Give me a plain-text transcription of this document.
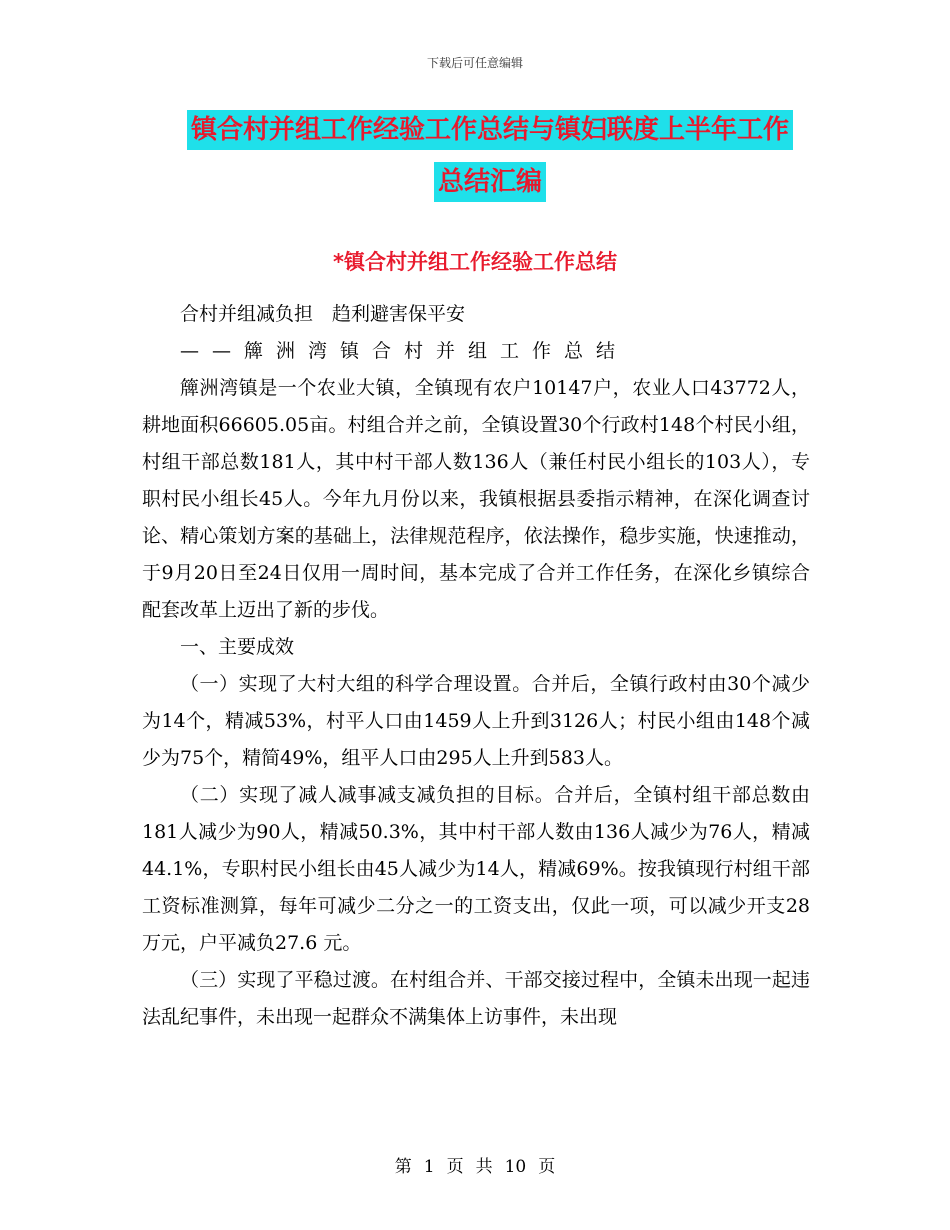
下载后可任意编辑
镇合村并组工作经验工作总结与镇妇联度上半年工作
总结汇编
*镇合村并组工作经验工作总结

合村并组减负担　趋利避害保平安

——簰洲湾镇合村并组工作总结

簰洲湾镇是一个农业大镇，全镇现有农户10147户，农业人口43772人，耕地面积66605.05亩。村组合并之前，全镇设置30个行政村148个村民小组，村组干部总数181人，其中村干部人数136人（兼任村民小组长的103人），专职村民小组长45人。今年九月份以来，我镇根据县委指示精神，在深化调查讨论、精心策划方案的基础上，法律规范程序，依法操作，稳步实施，快速推动，于9月20日至24日仅用一周时间，基本完成了合并工作任务，在深化乡镇综合配套改革上迈出了新的步伐。

一、主要成效

（一）实现了大村大组的科学合理设置。合并后，全镇行政村由30个减少为14个，精减53%，村平人口由1459人上升到3126人；村民小组由148个减少为75个，精简49%，组平人口由295人上升到583人。

（二）实现了减人减事减支减负担的目标。合并后，全镇村组干部总数由181人减少为90人，精减50.3%，其中村干部人数由136人减少为76人，精减44.1%，专职村民小组长由45人减少为14人，精减69%。按我镇现行村组干部工资标准测算，每年可减少二分之一的工资支出，仅此一项，可以减少开支28万元，户平减负27.6 元。

（三）实现了平稳过渡。在村组合并、干部交接过程中，全镇未出现一起违法乱纪事件，未出现一起群众不满集体上访事件，未出现

第 1 页 共 10 页
